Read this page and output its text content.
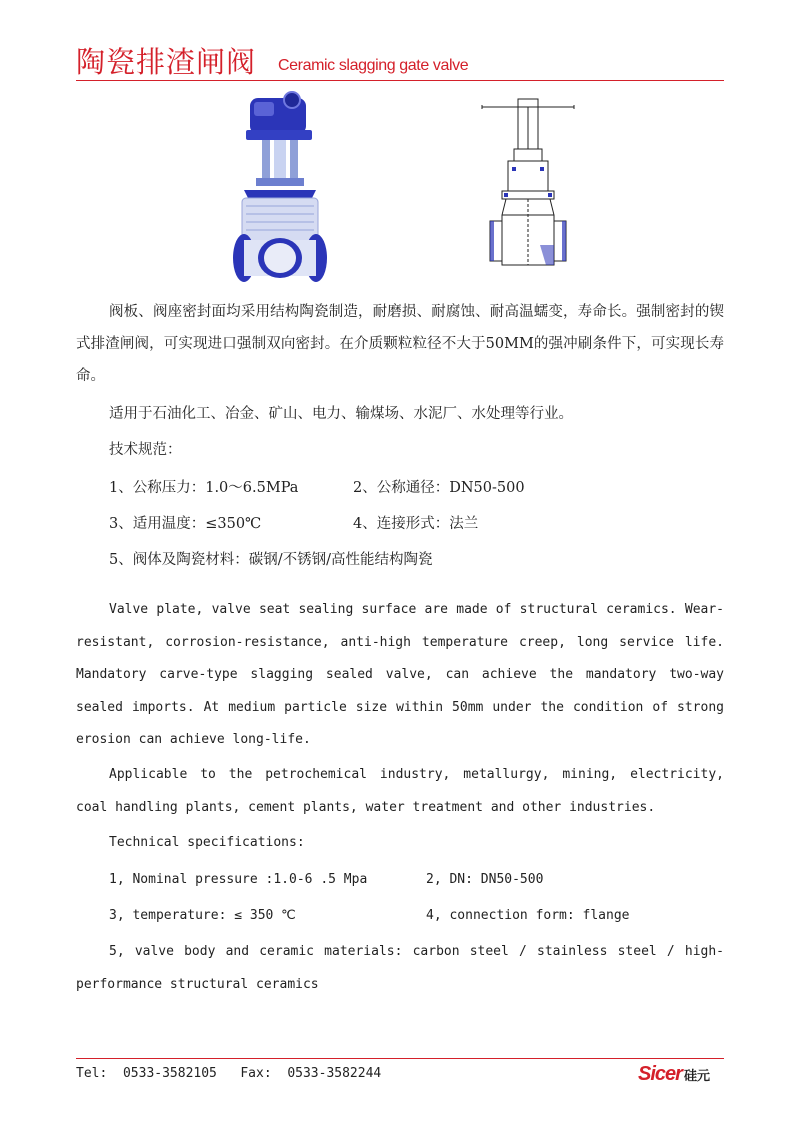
陶瓷排渣闸阀 Ceramic slagging gate valve

阀板、阀座密封面均采用结构陶瓷制造，耐磨损、耐腐蚀、耐高温蠕变，寿命长。强制密封的锲式排渣闸阀，可实现进口强制双向密封。在介质颗粒粒径不大于50MM的强冲刷条件下，可实现长寿命。

适用于石油化工、冶金、矿山、电力、输煤场、水泥厂、水处理等行业。

技术规范：

1、公称压力：1.0～6.5MPa	2、公称通径：DN50-500

3、适用温度：≤350℃	4、连接形式：法兰

5、阀体及陶瓷材料：碳钢/不锈钢/高性能结构陶瓷

Valve plate, valve seat sealing surface are made of structural ceramics. Wear-resistant, corrosion-resistance, anti-high temperature creep, long service life. Mandatory carve-type slagging sealed valve, can achieve the mandatory two-way sealed imports. At medium particle size within 50mm under the condition of strong erosion can achieve long-life.

Applicable to the petrochemical industry, metallurgy, mining, electricity, coal handling plants, cement plants, water treatment and other industries.

Technical specifications:

1, Nominal pressure :1.0-6 .5 Mpa	2, DN: DN50-500

3, temperature: ≤ 350 ℃	4, connection form: flange

5, valve body and ceramic materials: carbon steel / stainless steel / high-performance structural ceramics

Tel:  0533-3582105   Fax:  0533-3582244	Sicer 硅元
